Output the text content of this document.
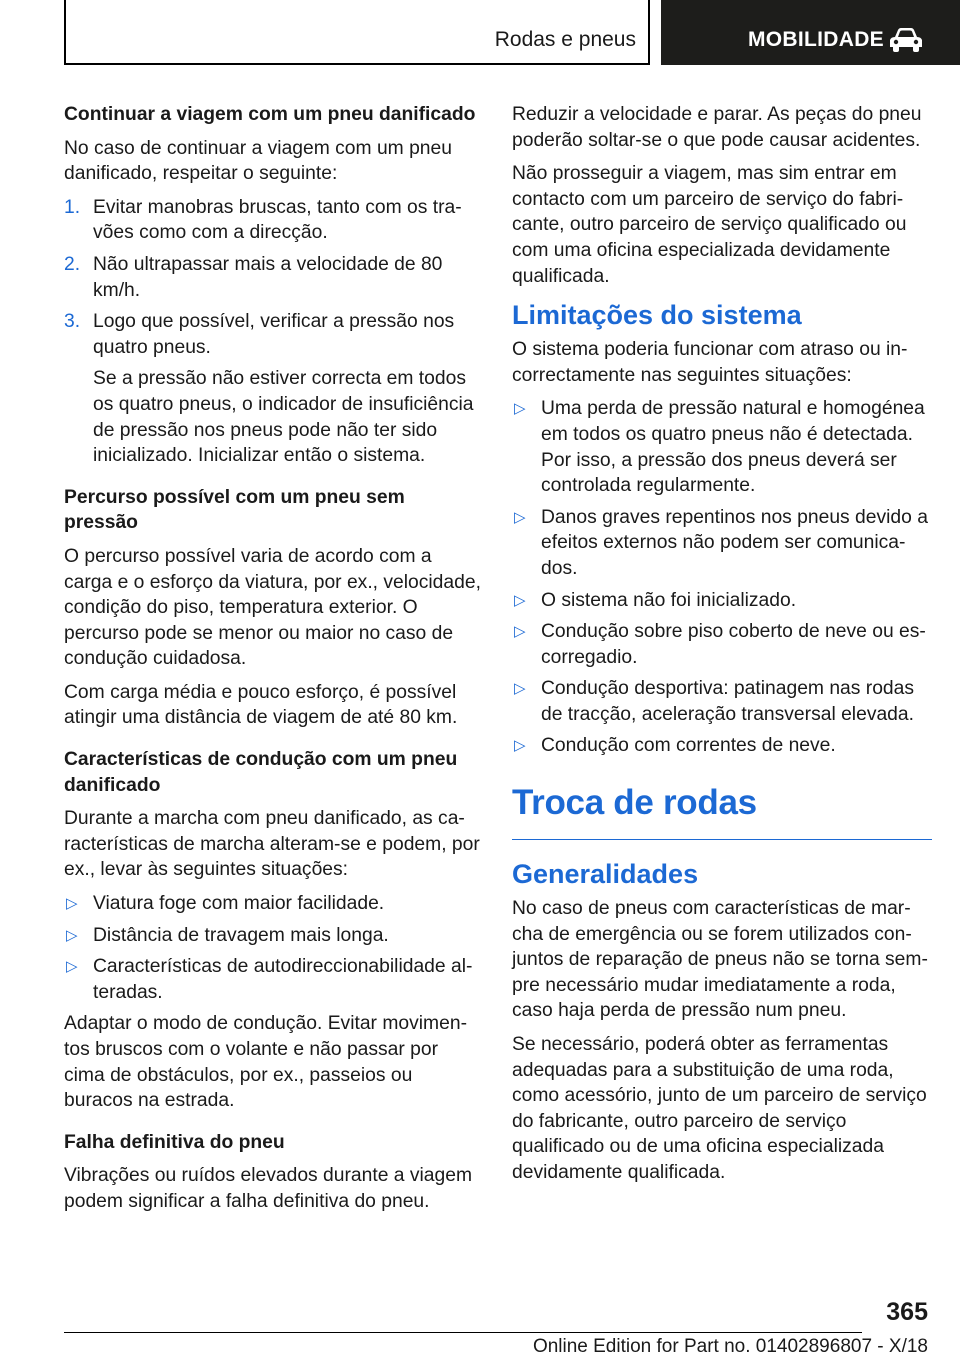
Rodas e pneus	MOBILIDADE

Continuar a viagem com um pneu danificado

No caso de continuar a viagem com um pneu danificado, respeitar o seguinte:

1. Evitar manobras bruscas, tanto com os travões como com a direcção.
2. Não ultrapassar mais a velocidade de 80 km/h.
3. Logo que possível, verificar a pressão nos quatro pneus.

Se a pressão não estiver correcta em todos os quatro pneus, o indicador de insuficiência de pressão nos pneus pode não ter sido inicializado. Inicializar então o sistema.

Percurso possível com um pneu sem pressão

O percurso possível varia de acordo com a carga e o esforço da viatura, por ex., velocidade, condição do piso, temperatura exterior. O percurso pode se menor ou maior no caso de condução cuidadosa.

Com carga média e pouco esforço, é possível atingir uma distância de viagem de até 80 km.

Características de condução com um pneu danificado

Durante a marcha com pneu danificado, as características de marcha alteram-se e podem, por ex., levar às seguintes situações:

▷ Viatura foge com maior facilidade.
▷ Distância de travagem mais longa.
▷ Características de autodireccionabilidade alteradas.

Adaptar o modo de condução. Evitar movimentos bruscos com o volante e não passar por cima de obstáculos, por ex., passeios ou buracos na estrada.

Falha definitiva do pneu

Vibrações ou ruídos elevados durante a viagem podem significar a falha definitiva do pneu.

Reduzir a velocidade e parar. As peças do pneu poderão soltar-se o que pode causar acidentes.

Não prosseguir a viagem, mas sim entrar em contacto com um parceiro de serviço do fabricante, outro parceiro de serviço qualificado ou com uma oficina especializada devidamente qualificada.

Limitações do sistema

O sistema poderia funcionar com atraso ou incorrectamente nas seguintes situações:

▷ Uma perda de pressão natural e homogénea em todos os quatro pneus não é detectada. Por isso, a pressão dos pneus deverá ser controlada regularmente.
▷ Danos graves repentinos nos pneus devido a efeitos externos não podem ser comunicados.
▷ O sistema não foi inicializado.
▷ Condução sobre piso coberto de neve ou escorregadio.
▷ Condução desportiva: patinagem nas rodas de tracção, aceleração transversal elevada.
▷ Condução com correntes de neve.
Troca de rodas
Generalidades

No caso de pneus com características de marcha de emergência ou se forem utilizados conjuntos de reparação de pneus não se torna sempre necessário mudar imediatamente a roda, caso haja perda de pressão num pneu.

Se necessário, poderá obter as ferramentas adequadas para a substituição de uma roda, como acessório, junto de um parceiro de serviço do fabricante, outro parceiro de serviço qualificado ou de uma oficina especializada devidamente qualificada.

365
Online Edition for Part no. 01402896807 - X/18
